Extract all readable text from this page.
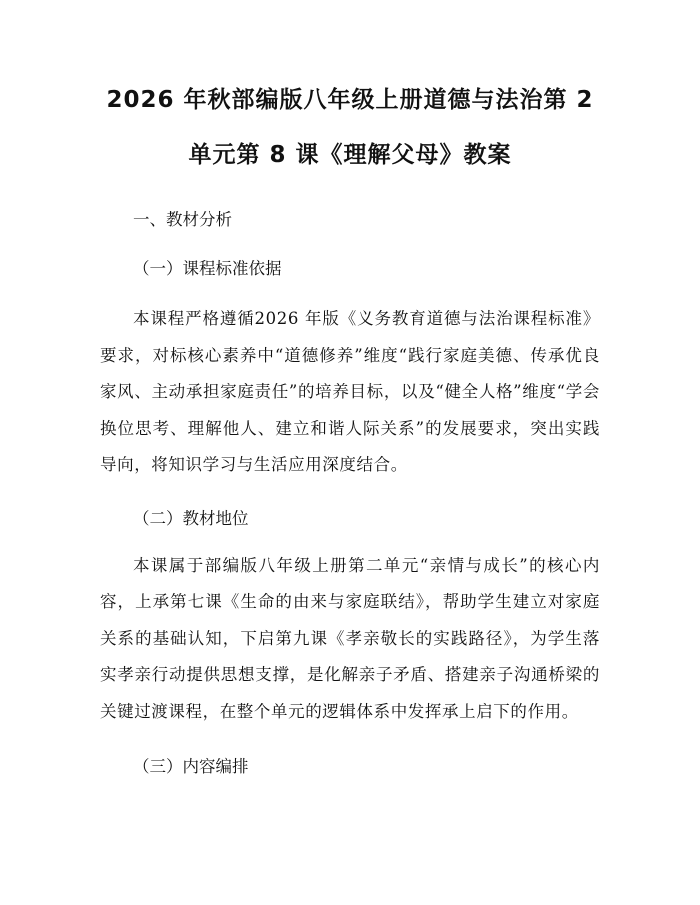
2026 年秋部编版八年级上册道德与法治第 2
单元第 8 课《理解父母》教案

一、教材分析

（一）课程标准依据

本课程严格遵循2026 年版《义务教育道德与法治课程标准》要求，对标核心素养中“道德修养”维度“践行家庭美德、传承优良家风、主动承担家庭责任”的培养目标，以及“健全人格”维度“学会换位思考、理解他人、建立和谐人际关系”的发展要求，突出实践导向，将知识学习与生活应用深度结合。

（二）教材地位

本课属于部编版八年级上册第二单元“亲情与成长”的核心内容，上承第七课《生命的由来与家庭联结》，帮助学生建立对家庭关系的基础认知，下启第九课《孝亲敬长的实践路径》，为学生落实孝亲行动提供思想支撑，是化解亲子矛盾、搭建亲子沟通桥梁的关键过渡课程，在整个单元的逻辑体系中发挥承上启下的作用。

（三）内容编排
